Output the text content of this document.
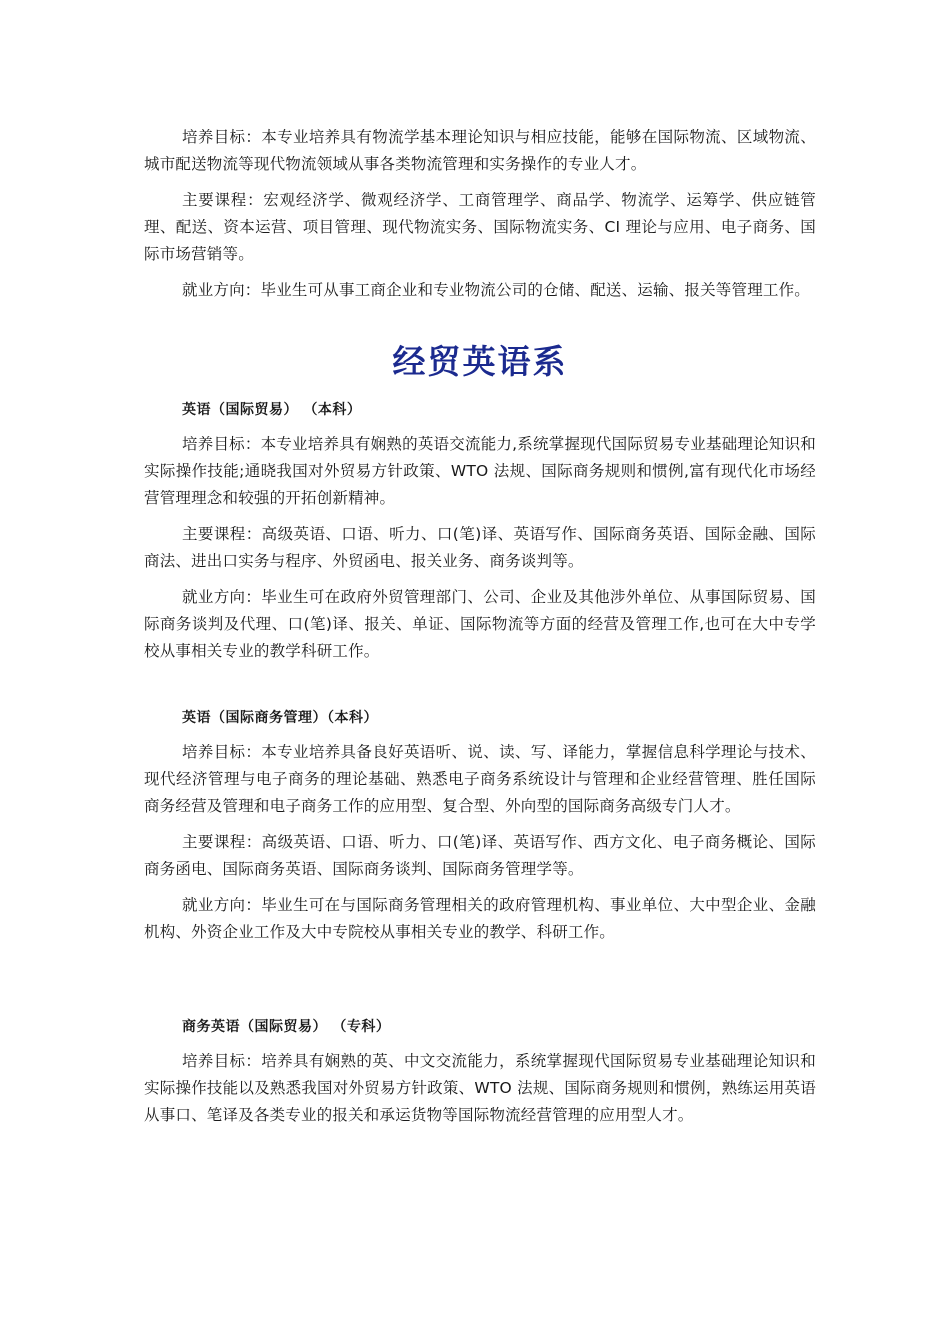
培养目标：本专业培养具有物流学基本理论知识与相应技能，能够在国际物流、区域物流、城市配送物流等现代物流领域从事各类物流管理和实务操作的专业人才。

主要课程：宏观经济学、微观经济学、工商管理学、商品学、物流学、运筹学、供应链管理、配送、资本运营、项目管理、现代物流实务、国际物流实务、CI 理论与应用、电子商务、国际市场营销等。

就业方向：毕业生可从事工商企业和专业物流公司的仓储、配送、运输、报关等管理工作。

经贸英语系
英语（国际贸易） （本科）

培养目标：本专业培养具有娴熟的英语交流能力,系统掌握现代国际贸易专业基础理论知识和实际操作技能;通晓我国对外贸易方针政策、WTO 法规、国际商务规则和惯例,富有现代化市场经营管理理念和较强的开拓创新精神。

主要课程：高级英语、口语、听力、口(笔)译、英语写作、国际商务英语、国际金融、国际商法、进出口实务与程序、外贸函电、报关业务、商务谈判等。

就业方向：毕业生可在政府外贸管理部门、公司、企业及其他涉外单位、从事国际贸易、国际商务谈判及代理、口(笔)译、报关、单证、国际物流等方面的经营及管理工作,也可在大中专学校从事相关专业的教学科研工作。

英语（国际商务管理）（本科）

培养目标：本专业培养具备良好英语听、说、读、写、译能力，掌握信息科学理论与技术、现代经济管理与电子商务的理论基础、熟悉电子商务系统设计与管理和企业经营管理、胜任国际商务经营及管理和电子商务工作的应用型、复合型、外向型的国际商务高级专门人才。

主要课程：高级英语、口语、听力、口(笔)译、英语写作、西方文化、电子商务概论、国际商务函电、国际商务英语、国际商务谈判、国际商务管理学等。

就业方向：毕业生可在与国际商务管理相关的政府管理机构、事业单位、大中型企业、金融机构、外资企业工作及大中专院校从事相关专业的教学、科研工作。

商务英语（国际贸易） （专科）

培养目标：培养具有娴熟的英、中文交流能力，系统掌握现代国际贸易专业基础理论知识和实际操作技能以及熟悉我国对外贸易方针政策、WTO 法规、国际商务规则和惯例，熟练运用英语从事口、笔译及各类专业的报关和承运货物等国际物流经营管理的应用型人才。
